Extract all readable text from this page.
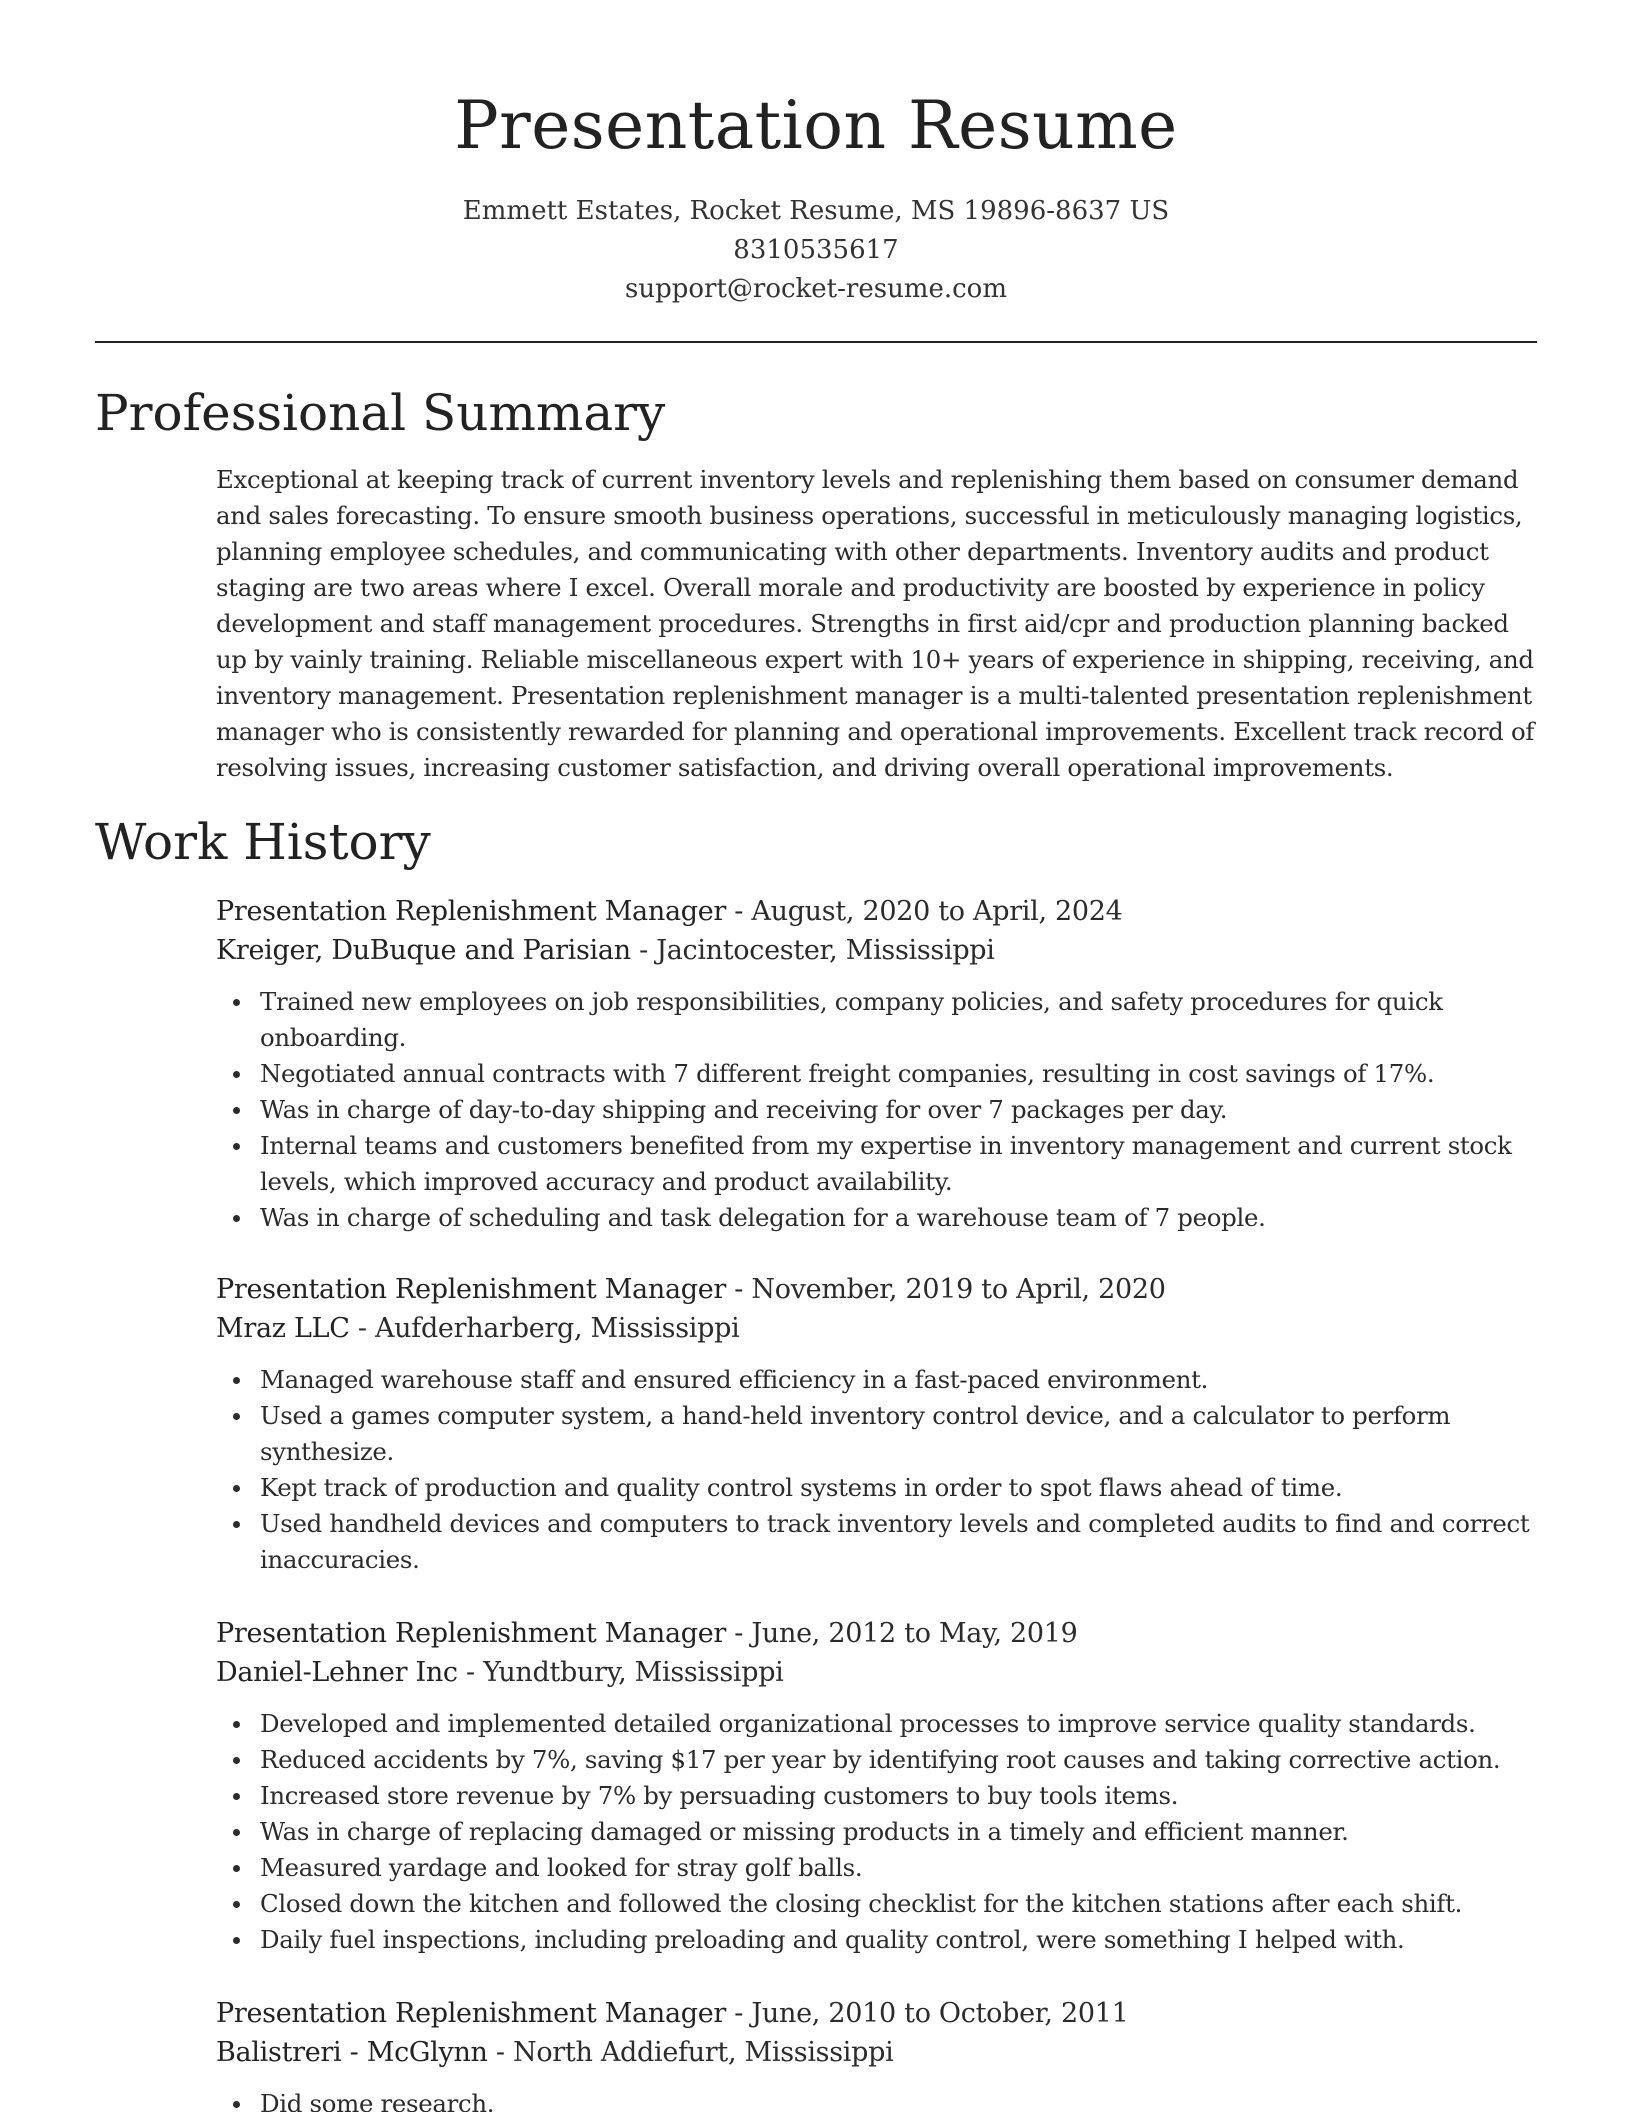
Presentation Resume
Emmett Estates, Rocket Resume, MS 19896-8637 US
8310535617
support@rocket-resume.com
Professional Summary
Exceptional at keeping track of current inventory levels and replenishing them based on consumer demand and sales forecasting. To ensure smooth business operations, successful in meticulously managing logistics, planning employee schedules, and communicating with other departments. Inventory audits and product staging are two areas where I excel. Overall morale and productivity are boosted by experience in policy development and staff management procedures. Strengths in first aid/cpr and production planning backed up by vainly training. Reliable miscellaneous expert with 10+ years of experience in shipping, receiving, and inventory management. Presentation replenishment manager is a multi-talented presentation replenishment manager who is consistently rewarded for planning and operational improvements. Excellent track record of resolving issues, increasing customer satisfaction, and driving overall operational improvements.
Work History
Presentation Replenishment Manager - August, 2020 to April, 2024
Kreiger, DuBuque and Parisian - Jacintocester, Mississippi
Trained new employees on job responsibilities, company policies, and safety procedures for quick onboarding.
Negotiated annual contracts with 7 different freight companies, resulting in cost savings of 17%.
Was in charge of day-to-day shipping and receiving for over 7 packages per day.
Internal teams and customers benefited from my expertise in inventory management and current stock levels, which improved accuracy and product availability.
Was in charge of scheduling and task delegation for a warehouse team of 7 people.
Presentation Replenishment Manager - November, 2019 to April, 2020
Mraz LLC - Aufderharberg, Mississippi
Managed warehouse staff and ensured efficiency in a fast-paced environment.
Used a games computer system, a hand-held inventory control device, and a calculator to perform synthesize.
Kept track of production and quality control systems in order to spot flaws ahead of time.
Used handheld devices and computers to track inventory levels and completed audits to find and correct inaccuracies.
Presentation Replenishment Manager - June, 2012 to May, 2019
Daniel-Lehner Inc - Yundtbury, Mississippi
Developed and implemented detailed organizational processes to improve service quality standards.
Reduced accidents by 7%, saving $17 per year by identifying root causes and taking corrective action.
Increased store revenue by 7% by persuading customers to buy tools items.
Was in charge of replacing damaged or missing products in a timely and efficient manner.
Measured yardage and looked for stray golf balls.
Closed down the kitchen and followed the closing checklist for the kitchen stations after each shift.
Daily fuel inspections, including preloading and quality control, were something I helped with.
Presentation Replenishment Manager - June, 2010 to October, 2011
Balistreri - McGlynn - North Addiefurt, Mississippi
Did some research.
